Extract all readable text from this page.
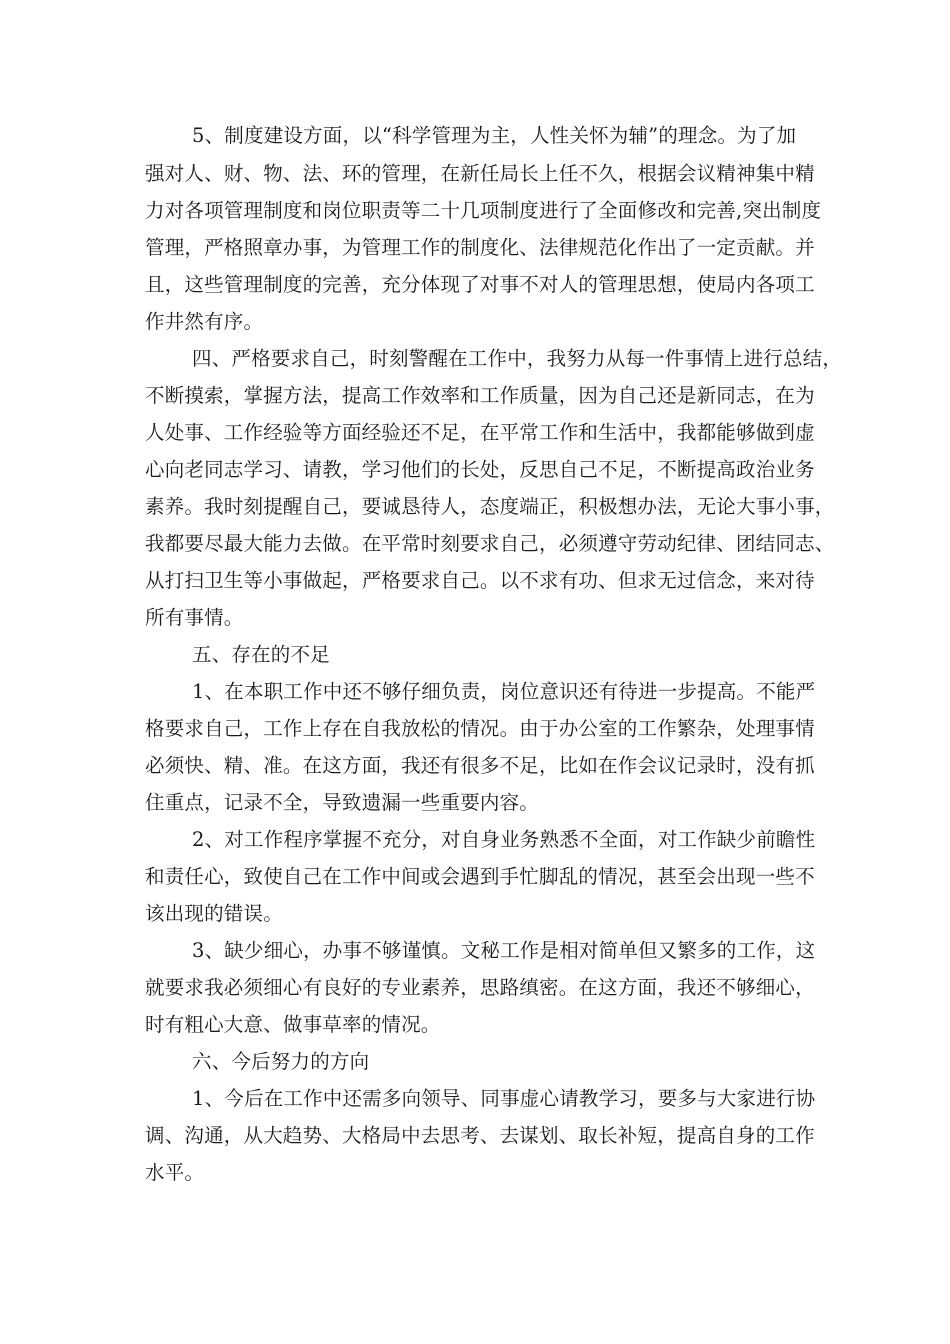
5、制度建设方面，以“科学管理为主，人性关怀为辅”的理念。为了加
强对人、财、物、法、环的管理，在新任局长上任不久，根据会议精神集中精
力对各项管理制度和岗位职责等二十几项制度进行了全面修改和完善,突出制度
管理，严格照章办事，为管理工作的制度化、法律规范化作出了一定贡献。并
且，这些管理制度的完善，充分体现了对事不对人的管理思想，使局内各项工
作井然有序。
四、严格要求自己，时刻警醒在工作中，我努力从每一件事情上进行总结，
不断摸索，掌握方法，提高工作效率和工作质量，因为自己还是新同志，在为
人处事、工作经验等方面经验还不足，在平常工作和生活中，我都能够做到虚
心向老同志学习、请教，学习他们的长处，反思自己不足，不断提高政治业务
素养。我时刻提醒自己，要诚恳待人，态度端正，积极想办法，无论大事小事，
我都要尽最大能力去做。在平常时刻要求自己，必须遵守劳动纪律、团结同志、
从打扫卫生等小事做起，严格要求自己。以不求有功、但求无过信念，来对待
所有事情。
五、存在的不足
1、在本职工作中还不够仔细负责，岗位意识还有待进一步提高。不能严
格要求自己，工作上存在自我放松的情况。由于办公室的工作繁杂，处理事情
必须快、精、准。在这方面，我还有很多不足，比如在作会议记录时，没有抓
住重点，记录不全，导致遗漏一些重要内容。
2、对工作程序掌握不充分，对自身业务熟悉不全面，对工作缺少前瞻性
和责任心，致使自己在工作中间或会遇到手忙脚乱的情况，甚至会出现一些不
该出现的错误。
3、缺少细心，办事不够谨慎。文秘工作是相对简单但又繁多的工作，这
就要求我必须细心有良好的专业素养，思路缜密。在这方面，我还不够细心，
时有粗心大意、做事草率的情况。
六、今后努力的方向
1、今后在工作中还需多向领导、同事虚心请教学习，要多与大家进行协
调、沟通，从大趋势、大格局中去思考、去谋划、取长补短，提高自身的工作
水平。
